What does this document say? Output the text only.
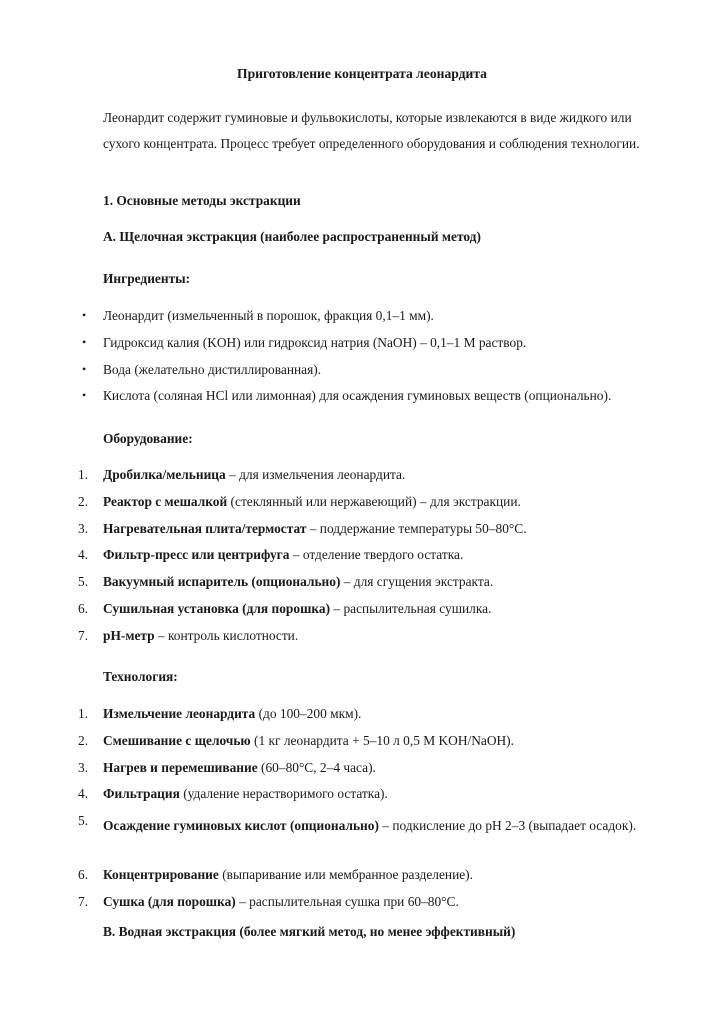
Приготовление концентрата леонардита
Леонардит содержит гуминовые и фульвокислоты, которые извлекаются в виде жидкого или сухого концентрата. Процесс требует определенного оборудования и соблюдения технологии.
1. Основные методы экстракции
А. Щелочная экстракция (наиболее распространенный метод)
Ингредиенты:
• Леонардит (измельченный в порошок, фракция 0,1–1 мм).
• Гидроксид калия (KOH) или гидроксид натрия (NaOH) – 0,1–1 М раствор.
• Вода (желательно дистиллированная).
• Кислота (соляная HCl или лимонная) для осаждения гуминовых веществ (опционально).
Оборудование:
1. Дробилка/мельница – для измельчения леонардита.
2. Реактор с мешалкой (стеклянный или нержавеющий) – для экстракции.
3. Нагревательная плита/термостат – поддержание температуры 50–80°C.
4. Фильтр-пресс или центрифуга – отделение твердого остатка.
5. Вакуумный испаритель (опционально) – для сгущения экстракта.
6. Сушильная установка (для порошка) – распылительная сушилка.
7. pH-метр – контроль кислотности.
Технология:
1. Измельчение леонардита (до 100–200 мкм).
2. Смешивание с щелочью (1 кг леонардита + 5–10 л 0,5 М KOH/NaOH).
3. Нагрев и перемешивание (60–80°C, 2–4 часа).
4. Фильтрация (удаление нерастворимого остатка).
5. Осаждение гуминовых кислот (опционально) – подкисление до pH 2–3 (выпадает осадок).
6. Концентрирование (выпаривание или мембранное разделение).
7. Сушка (для порошка) – распылительная сушка при 60–80°C.
В. Водная экстракция (более мягкий метод, но менее эффективный)
